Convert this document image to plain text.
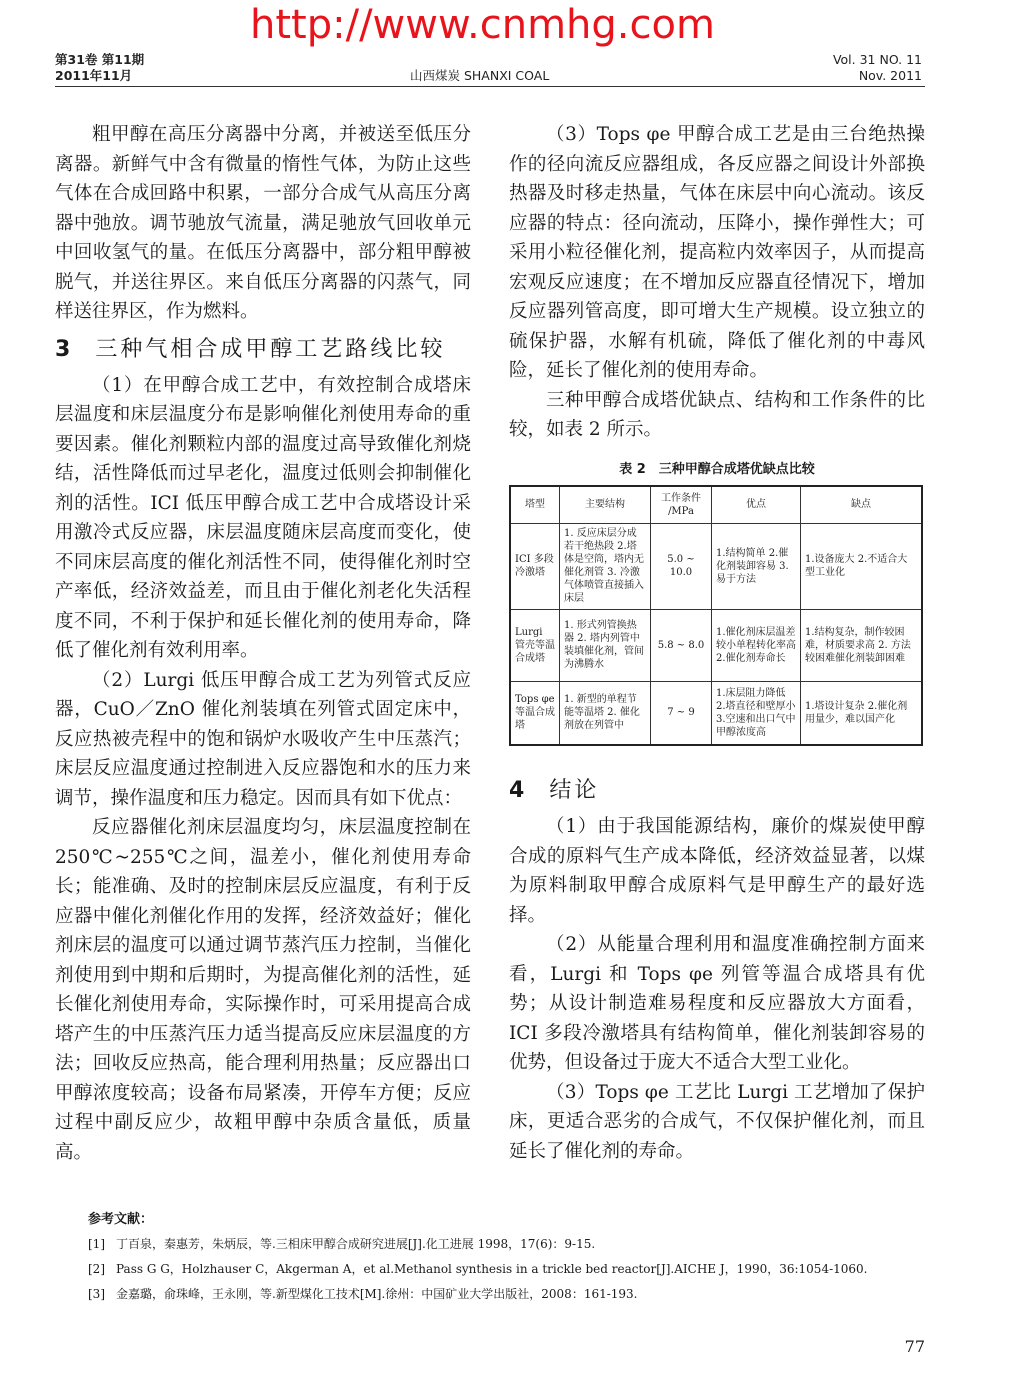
http://www.cnmhg.com
第31卷 第11期
2011年11月	山西煤炭 SHANXI COAL
Vol. 31 NO. 11
Nov. 2011

粗甲醇在高压分离器中分离，并被送至低压分离器。新鲜气中含有微量的惰性气体，为防止这些气体在合成回路中积累，一部分合成气从高压分离器中弛放。调节驰放气流量，满足驰放气回收单元中回收氢气的量。在低压分离器中，部分粗甲醇被脱气，并送往界区。来自低压分离器的闪蒸气，同样送往界区，作为燃料。

3 三种气相合成甲醇工艺路线比较

（1）在甲醇合成工艺中，有效控制合成塔床层温度和床层温度分布是影响催化剂使用寿命的重要因素。催化剂颗粒内部的温度过高导致催化剂烧结，活性降低而过早老化，温度过低则会抑制催化剂的活性。ICI 低压甲醇合成工艺中合成塔设计采用激冷式反应器，床层温度随床层高度而变化，使不同床层高度的催化剂活性不同，使得催化剂时空产率低，经济效益差，而且由于催化剂老化失活程度不同，不利于保护和延长催化剂的使用寿命，降低了催化剂有效利用率。

（2）Lurgi 低压甲醇合成工艺为列管式反应器，CuO／ZnO 催化剂装填在列管式固定床中，反应热被壳程中的饱和锅炉水吸收产生中压蒸汽；床层反应温度通过控制进入反应器饱和水的压力来调节，操作温度和压力稳定。因而具有如下优点：

反应器催化剂床层温度均匀，床层温度控制在250℃~255℃之间，温差小，催化剂使用寿命长；能准确、及时的控制床层反应温度，有利于反应器中催化剂催化作用的发挥，经济效益好；催化剂床层的温度可以通过调节蒸汽压力控制，当催化剂使用到中期和后期时，为提高催化剂的活性，延长催化剂使用寿命，实际操作时，可采用提高合成塔产生的中压蒸汽压力适当提高反应床层温度的方法；回收反应热高，能合理利用热量；反应器出口甲醇浓度较高；设备布局紧凑，开停车方便；反应过程中副反应少，故粗甲醇中杂质含量低，质量高。

（3）Tops φe 甲醇合成工艺是由三台绝热操作的径向流反应器组成，各反应器之间设计外部换热器及时移走热量，气体在床层中向心流动。该反应器的特点：径向流动，压降小，操作弹性大；可采用小粒径催化剂，提高粒内效率因子，从而提高宏观反应速度；在不增加反应器直径情况下，增加反应器列管高度，即可增大生产规模。设立独立的硫保护器，水解有机硫，降低了催化剂的中毒风险，延长了催化剂的使用寿命。

三种甲醇合成塔优缺点、结构和工作条件的比较，如表 2 所示。

表 2　三种甲醇合成塔优缺点比较
塔型	主要结构	工作条件 /MPa	优点	缺点
ICI 多段冷激塔	1. 反应床层分成若干绝热段 2.塔体是空筒，塔内无催化剂管 3. 冷激气体喷管直接插入床层	5.0 ~ 10.0	1.结构简单 2.催化剂装卸容易 3.易于方法	1.设备庞大 2.不适合大型工业化
Lurgi 管壳等温合成塔	1. 形式列管换热器 2. 塔内列管中装填催化剂，管间为沸腾水	5.8 ~ 8.0	1.催化剂床层温差较小单程转化率高 2.催化剂寿命长	1.结构复杂，制作较困难，材质要求高 2. 方法较困难催化剂装卸困难
Tops φe 等温合成塔	1. 新型的单程节能等温塔 2. 催化剂放在列管中	7 ~ 9	1.床层阻力降低 2.塔直径和壁厚小 3.空速和出口气中甲醇浓度高	1.塔设计复杂 2.催化剂用量少，难以国产化
4 结论

（1）由于我国能源结构，廉价的煤炭使甲醇合成的原料气生产成本降低，经济效益显著，以煤为原料制取甲醇合成原料气是甲醇生产的最好选择。

（2）从能量合理利用和温度准确控制方面来看，Lurgi 和 Tops φe 列管等温合成塔具有优势；从设计制造难易程度和反应器放大方面看，ICI 多段冷激塔具有结构简单，催化剂装卸容易的优势，但设备过于庞大不适合大型工业化。

（3）Tops φe 工艺比 Lurgi 工艺增加了保护床，更适合恶劣的合成气，不仅保护催化剂，而且延长了催化剂的寿命。

参考文献：
[1] 丁百泉，秦惠芳，朱炳辰，等.三相床甲醇合成研究进展[J].化工进展 1998，17(6)：9-15.
[2] Pass G G，Holzhauser C，Akgerman A，et al.Methanol synthesis in a trickle bed reactor[J].AICHE J，1990，36:1054-1060.
[3] 金嘉璐，俞珠峰，王永刚，等.新型煤化工技术[M].徐州：中国矿业大学出版社，2008：161-193.
77
